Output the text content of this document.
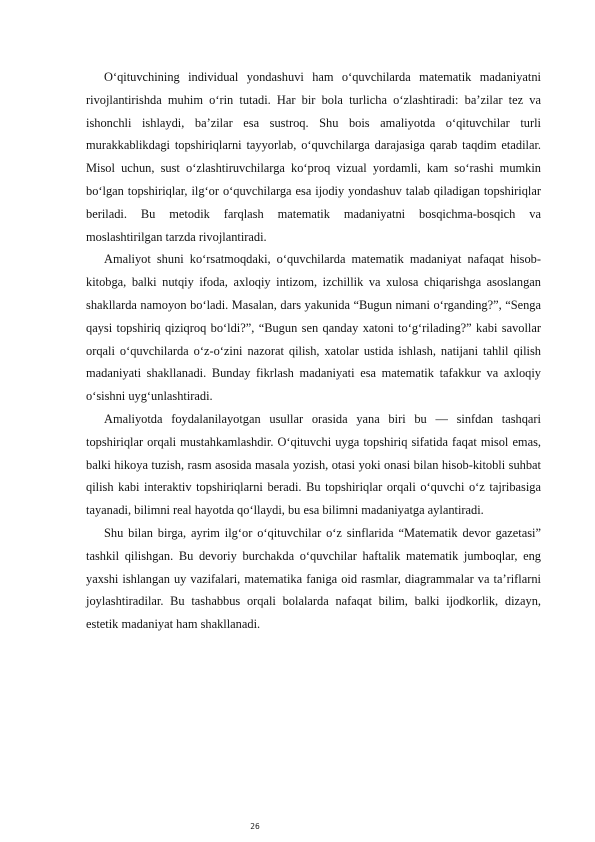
O‘qituvchining individual yondashuvi ham o‘quvchilarda matematik madaniyatni rivojlantirishda muhim o‘rin tutadi. Har bir bola turlicha o‘zlashtiradi: ba’zilar tez va ishonchli ishlaydi, ba’zilar esa sustroq. Shu bois amaliyotda o‘qituvchilar turli murakkablikdagi topshiriqlarni tayyorlab, o‘quvchilarga darajasiga qarab taqdim etadilar. Misol uchun, sust o‘zlashtiruvchilarga ko‘proq vizual yordamli, kam so‘rashi mumkin bo‘lgan topshiriqlar, ilg‘or o‘quvchilarga esa ijodiy yondashuv talab qiladigan topshiriqlar beriladi. Bu metodik farqlash matematik madaniyatni bosqichma-bosqich va moslashtirilgan tarzda rivojlantiradi.

Amaliyot shuni ko‘rsatmoqdaki, o‘quvchilarda matematik madaniyat nafaqat hisob-kitobga, balki nutqiy ifoda, axloqiy intizom, izchillik va xulosa chiqarishga asoslangan shakllarda namoyon bo‘ladi. Masalan, dars yakunida “Bugun nimani o‘rganding?”, “Senga qaysi topshiriq qiziqroq bo‘ldi?”, “Bugun sen qanday xatoni to‘g‘rilading?” kabi savollar orqali o‘quvchilarda o‘z-o‘zini nazorat qilish, xatolar ustida ishlash, natijani tahlil qilish madaniyati shakllanadi. Bunday fikrlash madaniyati esa matematik tafakkur va axloqiy o‘sishni uyg‘unlashtiradi.

Amaliyotda foydalanilayotgan usullar orasida yana biri bu — sinfdan tashqari topshiriqlar orqali mustahkamlashdir. O‘qituvchi uyga topshiriq sifatida faqat misol emas, balki hikoya tuzish, rasm asosida masala yozish, otasi yoki onasi bilan hisob-kitobli suhbat qilish kabi interaktiv topshiriqlarni beradi. Bu topshiriqlar orqali o‘quvchi o‘z tajribasiga tayanadi, bilimni real hayotda qo‘llaydi, bu esa bilimni madaniyatga aylantiradi.

Shu bilan birga, ayrim ilg‘or o‘qituvchilar o‘z sinflarida “Matematik devor gazetasi” tashkil qilishgan. Bu devoriy burchakda o‘quvchilar haftalik matematik jumboqlar, eng yaxshi ishlangan uy vazifalari, matematika faniga oid rasmlar, diagrammalar va ta’riflarni joylashtiradilar. Bu tashabbus orqali bolalarda nafaqat bilim, balki ijodkorlik, dizayn, estetik madaniyat ham shakllanadi.

26
